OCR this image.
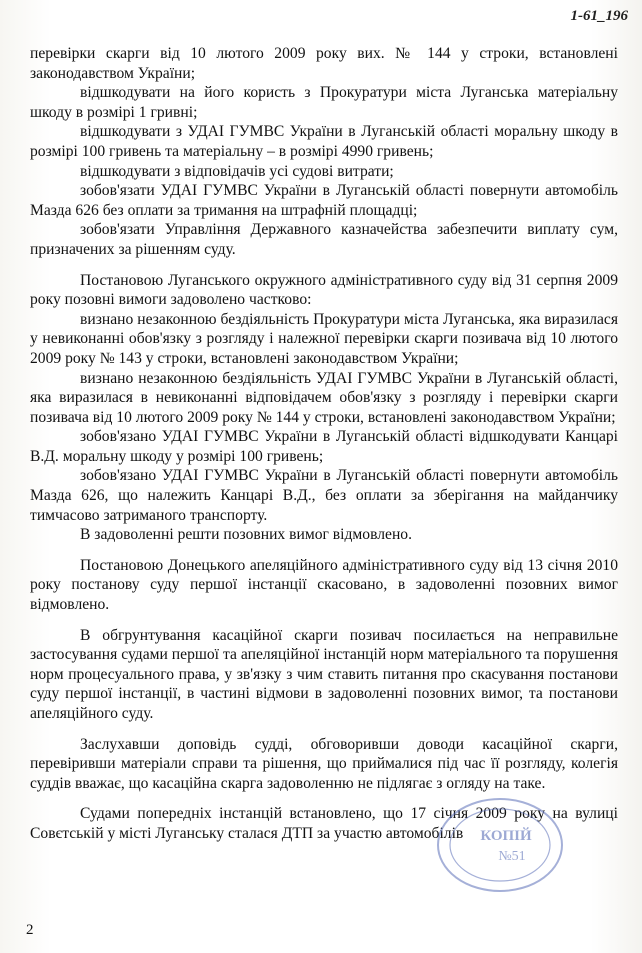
1-61_196

перевірки скарги від 10 лютого 2009 року вих. № 144 у строки, встановлені законодавством України;

відшкодувати на його користь з Прокуратури міста Луганська матеріальну шкоду в розмірі 1 гривні;

відшкодувати з УДАІ ГУМВС України в Луганській області моральну шкоду в розмірі 100 гривень та матеріальну – в розмірі 4990 гривень;

відшкодувати з відповідачів усі судові витрати;

зобов'язати УДАІ ГУМВС України в Луганській області повернути автомобіль Мазда 626 без оплати за тримання на штрафній площадці;

зобов'язати Управління Державного казначейства забезпечити виплату сум, призначених за рішенням суду.

Постановою Луганського окружного адміністративного суду від 31 серпня 2009 року позовні вимоги задоволено частково:

визнано незаконною бездіяльність Прокуратури міста Луганська, яка виразилася у невиконанні обов'язку з розгляду і належної перевірки скарги позивача від 10 лютого 2009 року № 143 у строки, встановлені законодавством України;

визнано незаконною бездіяльність УДАІ ГУМВС України в Луганській області, яка виразилася в невиконанні відповідачем обов'язку з розгляду і перевірки скарги позивача від 10 лютого 2009 року № 144 у строки, встановлені законодавством України;

зобов'язано УДАІ ГУМВС України в Луганській області відшкодувати Канцарі В.Д. моральну шкоду у розмірі 100 гривень;

зобов'язано УДАІ ГУМВС України в Луганській області повернути автомобіль Мазда 626, що належить Канцарі В.Д., без оплати за зберігання на майданчику тимчасово затриманого транспорту.

В задоволенні решти позовних вимог відмовлено.

Постановою Донецького апеляційного адміністративного суду від 13 січня 2010 року постанову суду першої інстанції скасовано, в задоволенні позовних вимог відмовлено.

В обгрунтування касаційної скарги позивач посилається на неправильне застосування судами першої та апеляційної інстанцій норм матеріального та порушення норм процесуального права, у зв'язку з чим ставить питання про скасування постанови суду першої інстанції, в частині відмови в задоволенні позовних вимог, та постанови апеляційного суду.

Заслухавши доповідь судді, обговоривши доводи касаційної скарги, перевіривши матеріали справи та рішення, що приймалися під час її розгляду, колегія суддів вважає, що касаційна скарга задоволенню не підлягає з огляду на таке.

Судами попередніх інстанцій встановлено, що 17 січня 2009 року на вулиці Совєтській у місті Луганську сталася ДТП за участю автомобілів	КОПІЙ
№51
2
